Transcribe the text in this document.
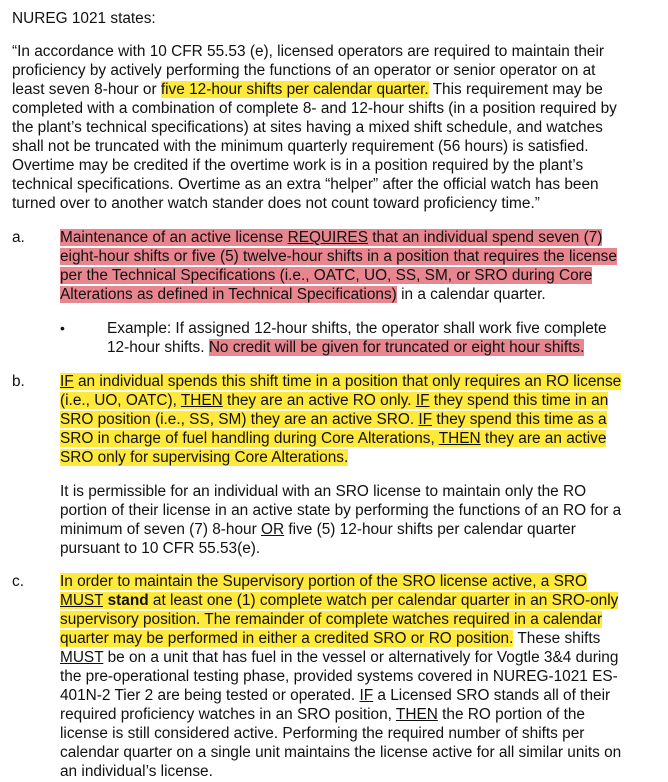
NUREG 1021 states:
“In accordance with 10 CFR 55.53 (e), licensed operators are required to maintain their
proficiency by actively performing the functions of an operator or senior operator on at
least seven 8-hour or five 12-hour shifts per calendar quarter. This requirement may be
completed with a combination of complete 8- and 12-hour shifts (in a position required by
the plant’s technical specifications) at sites having a mixed shift schedule, and watches
shall not be truncated with the minimum quarterly requirement (56 hours) is satisfied.
Overtime may be credited if the overtime work is in a position required by the plant’s
technical specifications. Overtime as an extra “helper” after the official watch has been
turned over to another watch stander does not count toward proficiency time.”
a. Maintenance of an active license REQUIRES that an individual spend seven (7)
eight-hour shifts or five (5) twelve-hour shifts in a position that requires the license
per the Technical Specifications (i.e., OATC, UO, SS, SM, or SRO during Core
Alterations as defined in Technical Specifications) in a calendar quarter.
•	Example: If assigned 12-hour shifts, the operator shall work five complete
12-hour shifts. No credit will be given for truncated or eight hour shifts.
b. IF an individual spends this shift time in a position that only requires an RO license
(i.e., UO, OATC), THEN they are an active RO only. IF they spend this time in an
SRO position (i.e., SS, SM) they are an active SRO. IF they spend this time as a
SRO in charge of fuel handling during Core Alterations, THEN they are an active
SRO only for supervising Core Alterations.
It is permissible for an individual with an SRO license to maintain only the RO
portion of their license in an active state by performing the functions of an RO for a
minimum of seven (7) 8-hour OR five (5) 12-hour shifts per calendar quarter
pursuant to 10 CFR 55.53(e).
c. In order to maintain the Supervisory portion of the SRO license active, a SRO
MUST stand at least one (1) complete watch per calendar quarter in an SRO-only
supervisory position. The remainder of complete watches required in a calendar
quarter may be performed in either a credited SRO or RO position. These shifts
MUST be on a unit that has fuel in the vessel or alternatively for Vogtle 3&4 during
the pre-operational testing phase, provided systems covered in NUREG-1021 ES-
401N-2 Tier 2 are being tested or operated. IF a Licensed SRO stands all of their
required proficiency watches in an SRO position, THEN the RO portion of the
license is still considered active. Performing the required number of shifts per
calendar quarter on a single unit maintains the license active for all similar units on
an individual’s license.
